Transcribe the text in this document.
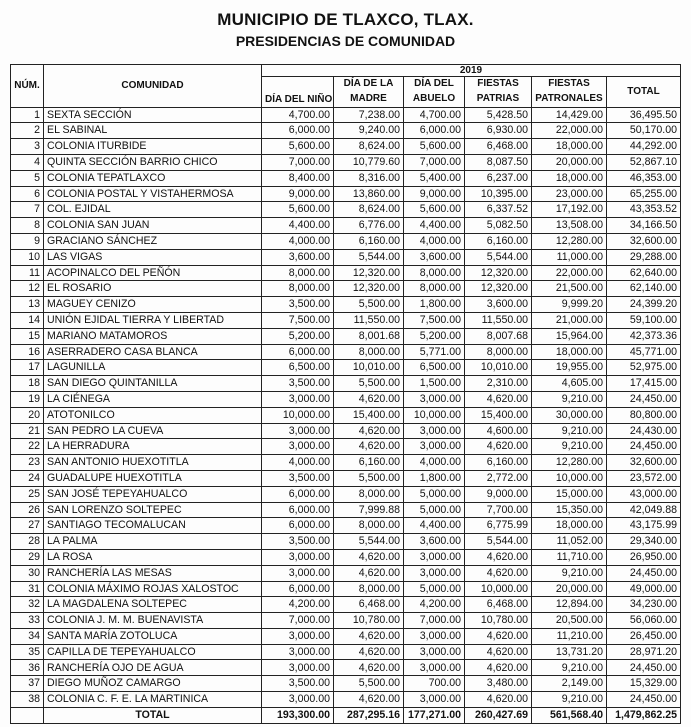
MUNICIPIO DE TLAXCO, TLAX.
PRESIDENCIAS DE COMUNIDAD
NÚM.	COMUNIDAD	2019					
		DÍA DEL NIÑO	DÍA DE LA	DÍA DEL	FIESTAS	FIESTAS	TOTAL
			MADRE	ABUELO	PATRIAS	PATRONALES	
1	SEXTA SECCIÓN	4,700.00	7,238.00	4,700.00	5,428.50	14,429.00	36,495.50
2	EL SABINAL	6,000.00	9,240.00	6,000.00	6,930.00	22,000.00	50,170.00
3	COLONIA ITURBIDE	5,600.00	8,624.00	5,600.00	6,468.00	18,000.00	44,292.00
4	QUINTA SECCIÓN BARRIO CHICO	7,000.00	10,779.60	7,000.00	8,087.50	20,000.00	52,867.10
5	COLONIA TEPATLAXCO	8,400.00	8,316.00	5,400.00	6,237.00	18,000.00	46,353.00
6	COLONIA POSTAL Y VISTAHERMOSA	9,000.00	13,860.00	9,000.00	10,395.00	23,000.00	65,255.00
7	COL. EJIDAL	5,600.00	8,624.00	5,600.00	6,337.52	17,192.00	43,353.52
8	COLONIA SAN JUAN	4,400.00	6,776.00	4,400.00	5,082.50	13,508.00	34,166.50
9	GRACIANO SÁNCHEZ	4,000.00	6,160.00	4,000.00	6,160.00	12,280.00	32,600.00
10	LAS VIGAS	3,600.00	5,544.00	3,600.00	5,544.00	11,000.00	29,288.00
11	ACOPINALCO DEL PEÑÓN	8,000.00	12,320.00	8,000.00	12,320.00	22,000.00	62,640.00
12	EL ROSARIO	8,000.00	12,320.00	8,000.00	12,320.00	21,500.00	62,140.00
13	MAGUEY CENIZO	3,500.00	5,500.00	1,800.00	3,600.00	9,999.20	24,399.20
14	UNIÓN EJIDAL TIERRA Y LIBERTAD	7,500.00	11,550.00	7,500.00	11,550.00	21,000.00	59,100.00
15	MARIANO MATAMOROS	5,200.00	8,001.68	5,200.00	8,007.68	15,964.00	42,373.36
16	ASERRADERO CASA BLANCA	6,000.00	8,000.00	5,771.00	8,000.00	18,000.00	45,771.00
17	LAGUNILLA	6,500.00	10,010.00	6,500.00	10,010.00	19,955.00	52,975.00
18	SAN DIEGO QUINTANILLA	3,500.00	5,500.00	1,500.00	2,310.00	4,605.00	17,415.00
19	LA CIÉNEGA	3,000.00	4,620.00	3,000.00	4,620.00	9,210.00	24,450.00
20	ATOTONILCO	10,000.00	15,400.00	10,000.00	15,400.00	30,000.00	80,800.00
21	SAN PEDRO LA CUEVA	3,000.00	4,620.00	3,000.00	4,600.00	9,210.00	24,430.00
22	LA HERRADURA	3,000.00	4,620.00	3,000.00	4,620.00	9,210.00	24,450.00
23	SAN ANTONIO HUEXOTITLA	4,000.00	6,160.00	4,000.00	6,160.00	12,280.00	32,600.00
24	GUADALUPE HUEXOTITLA	3,500.00	5,500.00	1,800.00	2,772.00	10,000.00	23,572.00
25	SAN JOSÉ TEPEYAHUALCO	6,000.00	8,000.00	5,000.00	9,000.00	15,000.00	43,000.00
26	SAN LORENZO SOLTEPEC	6,000.00	7,999.88	5,000.00	7,700.00	15,350.00	42,049.88
27	SANTIAGO TECOMALUCAN	6,000.00	8,000.00	4,400.00	6,775.99	18,000.00	43,175.99
28	LA PALMA	3,500.00	5,544.00	3,600.00	5,544.00	11,052.00	29,340.00
29	LA ROSA	3,000.00	4,620.00	3,000.00	4,620.00	11,710.00	26,950.00
30	RANCHERÍA LAS MESAS	3,000.00	4,620.00	3,000.00	4,620.00	9,210.00	24,450.00
31	COLONIA MÁXIMO ROJAS XALOSTOC	6,000.00	8,000.00	5,000.00	10,000.00	20,000.00	49,000.00
32	LA MAGDALENA SOLTEPEC	4,200.00	6,468.00	4,200.00	6,468.00	12,894.00	34,230.00
33	COLONIA J. M. M. BUENAVISTA	7,000.00	10,780.00	7,000.00	10,780.00	20,500.00	56,060.00
34	SANTA MARÍA ZOTOLUCA	3,000.00	4,620.00	3,000.00	4,620.00	11,210.00	26,450.00
35	CAPILLA DE TEPEYAHUALCO	3,000.00	4,620.00	3,000.00	4,620.00	13,731.20	28,971.20
36	RANCHERÍA OJO DE AGUA	3,000.00	4,620.00	3,000.00	4,620.00	9,210.00	24,450.00
37	DIEGO MUÑOZ CAMARGO	3,500.00	5,500.00	700.00	3,480.00	2,149.00	15,329.00
38	COLONIA C. F. E. LA MARTINICA	3,000.00	4,620.00	3,000.00	4,620.00	9,210.00	24,450.00
	TOTAL	193,300.00	287,295.16	177,271.00	260,427.69	561,568.40	1,479,862.25
